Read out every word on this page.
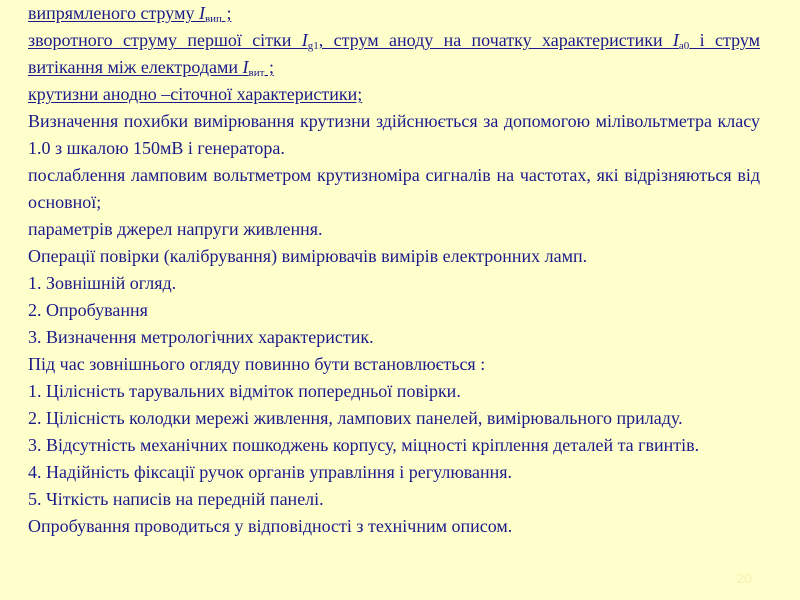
випрямленого струму $I_{вип}$ ;
зворотного струму першої сітки $I_{g1}$, струм аноду на початку характеристики $I_{a0}$ і струм витікання між електродами $I_{вит}$ ;
крутизни анодно –сіточної характеристики;
Визначення похибки вимірювання крутизни здійснюється за допомогою мілівольтметра класу 1.0 з шкалою 150мВ і генератора.
послаблення ламповим вольтметром крутизноміра сигналів на частотах, які відрізняються від основної;
параметрів джерел напруги живлення.
Операції повірки (калібрування) вимірювачів вимірів електронних ламп.
1. Зовнішній огляд.
2. Опробування
3. Визначення метрологічних характеристик.
Під час зовнішнього огляду повинно бути встановлюється :
1. Цілісність тарувальних відміток попередньої повірки.
2. Цілісність колодки мережі живлення, лампових панелей, вимірювального приладу.
3. Відсутність механічних пошкоджень корпусу, міцності кріплення деталей та гвинтів.
4. Надійність фіксації ручок органів управління і регулювання.
5. Чіткість написів на передній панелі.
Опробування проводиться у відповідності з технічним описом.
20
